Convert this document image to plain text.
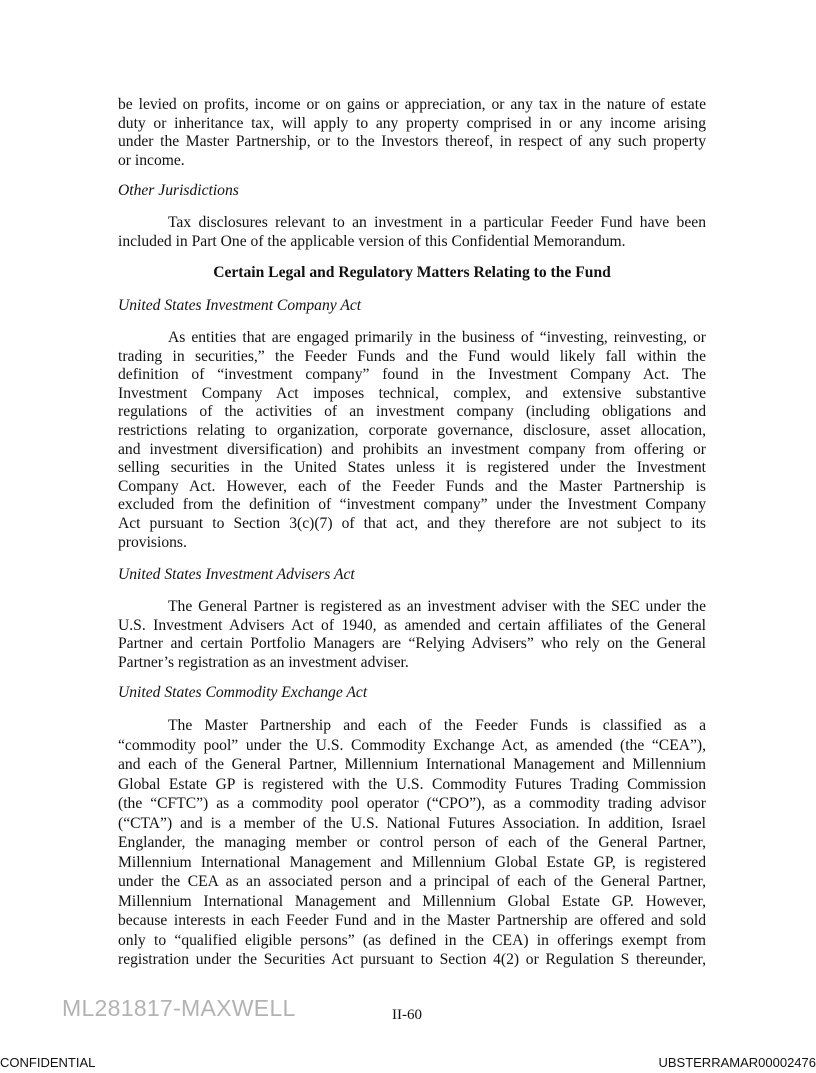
be levied on profits, income or on gains or appreciation, or any tax in the nature of estate
duty or inheritance tax, will apply to any property comprised in or any income arising
under the Master Partnership, or to the Investors thereof, in respect of any such property
or income.
Other Jurisdictions
Tax disclosures relevant to an investment in a particular Feeder Fund have been
included in Part One of the applicable version of this Confidential Memorandum.
Certain Legal and Regulatory Matters Relating to the Fund
United States Investment Company Act
As entities that are engaged primarily in the business of “investing, reinvesting, or
trading in securities,” the Feeder Funds and the Fund would likely fall within the
definition of “investment company” found in the Investment Company Act. The
Investment Company Act imposes technical, complex, and extensive substantive
regulations of the activities of an investment company (including obligations and
restrictions relating to organization, corporate governance, disclosure, asset allocation,
and investment diversification) and prohibits an investment company from offering or
selling securities in the United States unless it is registered under the Investment
Company Act. However, each of the Feeder Funds and the Master Partnership is
excluded from the definition of “investment company” under the Investment Company
Act pursuant to Section 3(c)(7) of that act, and they therefore are not subject to its
provisions.
United States Investment Advisers Act
The General Partner is registered as an investment adviser with the SEC under the
U.S. Investment Advisers Act of 1940, as amended and certain affiliates of the General
Partner and certain Portfolio Managers are “Relying Advisers” who rely on the General
Partner’s registration as an investment adviser.
United States Commodity Exchange Act
The Master Partnership and each of the Feeder Funds is classified as a
“commodity pool” under the U.S. Commodity Exchange Act, as amended (the “CEA”),
and each of the General Partner, Millennium International Management and Millennium
Global Estate GP is registered with the U.S. Commodity Futures Trading Commission
(the “CFTC”) as a commodity pool operator (“CPO”), as a commodity trading advisor
(“CTA”) and is a member of the U.S. National Futures Association. In addition, Israel
Englander, the managing member or control person of each of the General Partner,
Millennium International Management and Millennium Global Estate GP, is registered
under the CEA as an associated person and a principal of each of the General Partner,
Millennium International Management and Millennium Global Estate GP. However,
because interests in each Feeder Fund and in the Master Partnership are offered and sold
only to “qualified eligible persons” (as defined in the CEA) in offerings exempt from
registration under the Securities Act pursuant to Section 4(2) or Regulation S thereunder,
ML281817-MAXWELL	II-60
CONFIDENTIAL	UBSTERRAMAR00002476
